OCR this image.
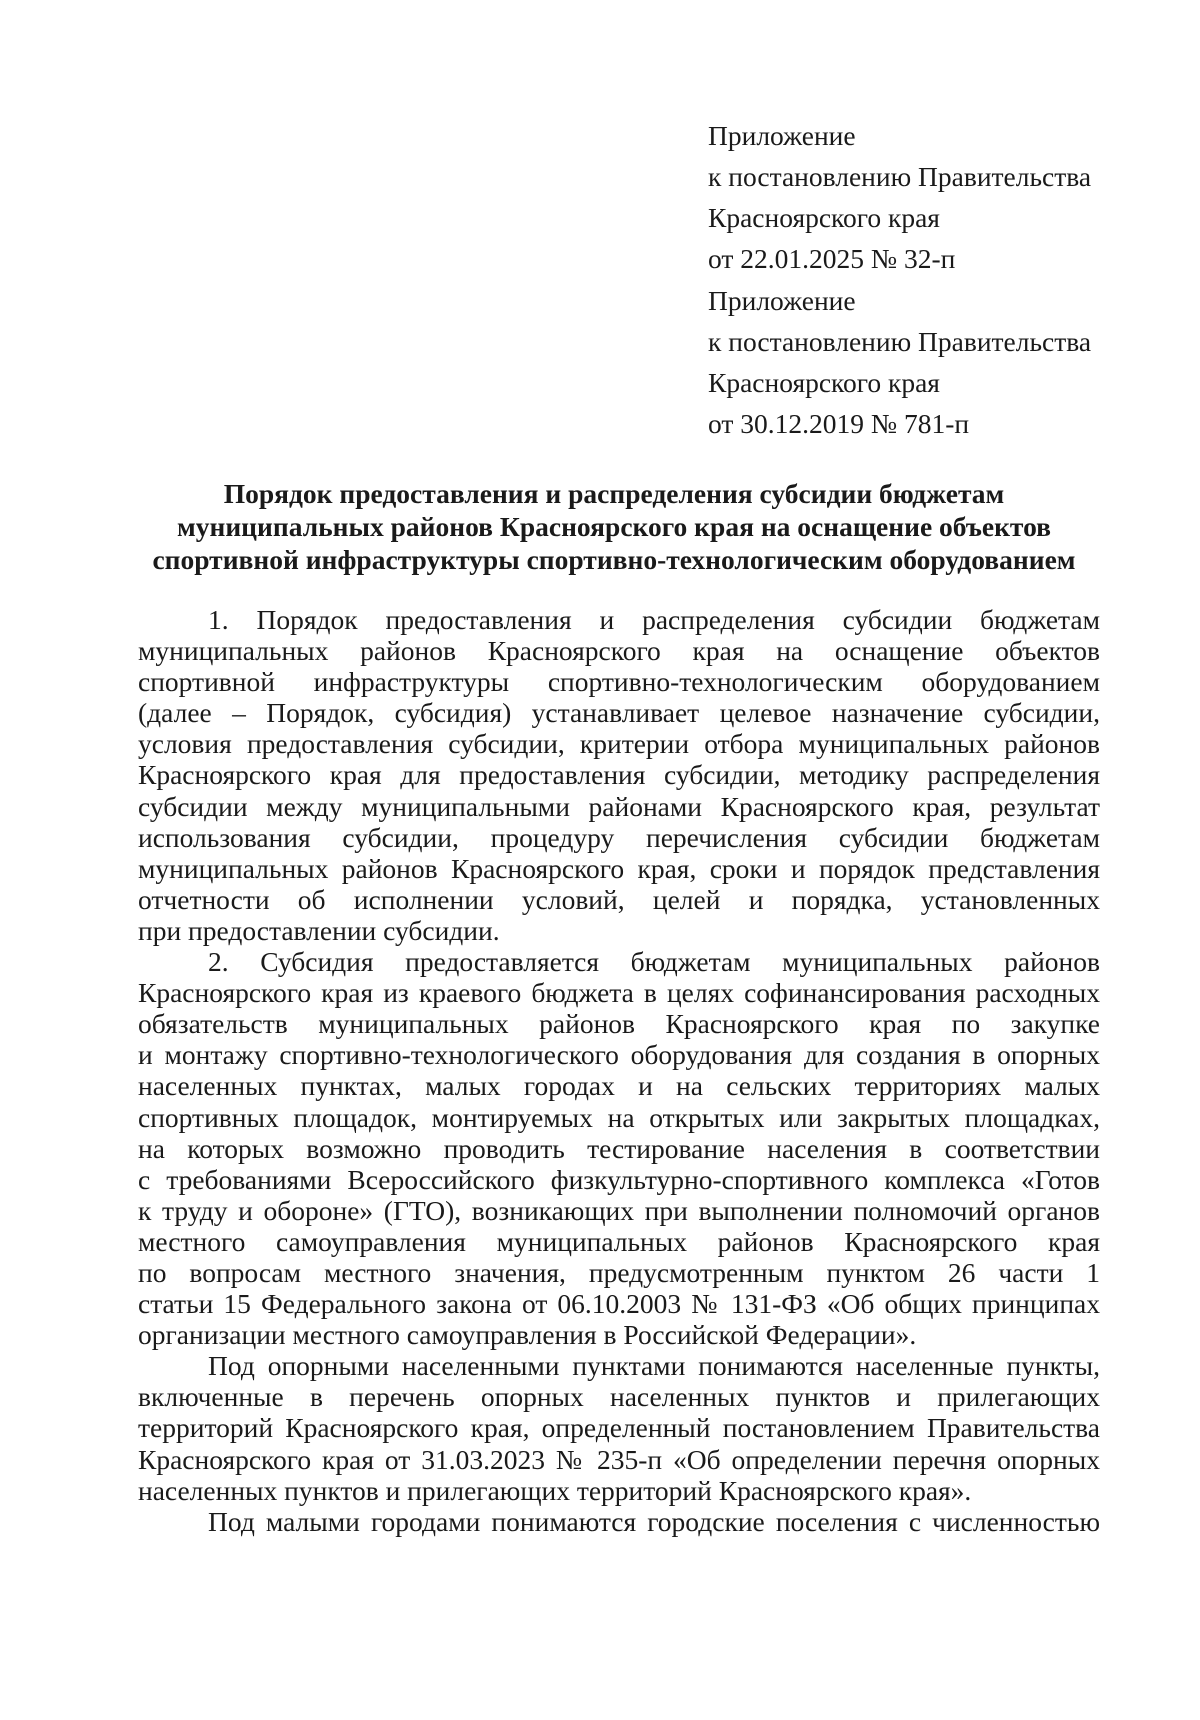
Приложение
к постановлению Правительства
Красноярского края
от 22.01.2025 № 32-п
Приложение
к постановлению Правительства
Красноярского края
от 30.12.2019 № 781-п
Порядок предоставления и распределения субсидии бюджетам
муниципальных районов Красноярского края на оснащение объектов
спортивной инфраструктуры спортивно-технологическим оборудованием
1. Порядок предоставления и распределения субсидии бюджетам
муниципальных районов Красноярского края на оснащение объектов
спортивной инфраструктуры спортивно-технологическим оборудованием
(далее – Порядок, субсидия) устанавливает целевое назначение субсидии,
условия предоставления субсидии, критерии отбора муниципальных районов
Красноярского края для предоставления субсидии, методику распределения
субсидии между муниципальными районами Красноярского края, результат
использования субсидии, процедуру перечисления субсидии бюджетам
муниципальных районов Красноярского края, сроки и порядок представления
отчетности об исполнении условий, целей и порядка, установленных
при предоставлении субсидии.
2. Субсидия предоставляется бюджетам муниципальных районов
Красноярского края из краевого бюджета в целях софинансирования расходных
обязательств муниципальных районов Красноярского края по закупке
и монтажу спортивно-технологического оборудования для создания в опорных
населенных пунктах, малых городах и на сельских территориях малых
спортивных площадок, монтируемых на открытых или закрытых площадках,
на которых возможно проводить тестирование населения в соответствии
с требованиями Всероссийского физкультурно-спортивного комплекса «Готов
к труду и обороне» (ГТО), возникающих при выполнении полномочий органов
местного самоуправления муниципальных районов Красноярского края
по вопросам местного значения, предусмотренным пунктом 26 части 1
статьи 15 Федерального закона от 06.10.2003 № 131-ФЗ «Об общих принципах
организации местного самоуправления в Российской Федерации».
Под опорными населенными пунктами понимаются населенные пункты,
включенные в перечень опорных населенных пунктов и прилегающих
территорий Красноярского края, определенный постановлением Правительства
Красноярского края от 31.03.2023 № 235-п «Об определении перечня опорных
населенных пунктов и прилегающих территорий Красноярского края».
Под малыми городами понимаются городские поселения с численностью
